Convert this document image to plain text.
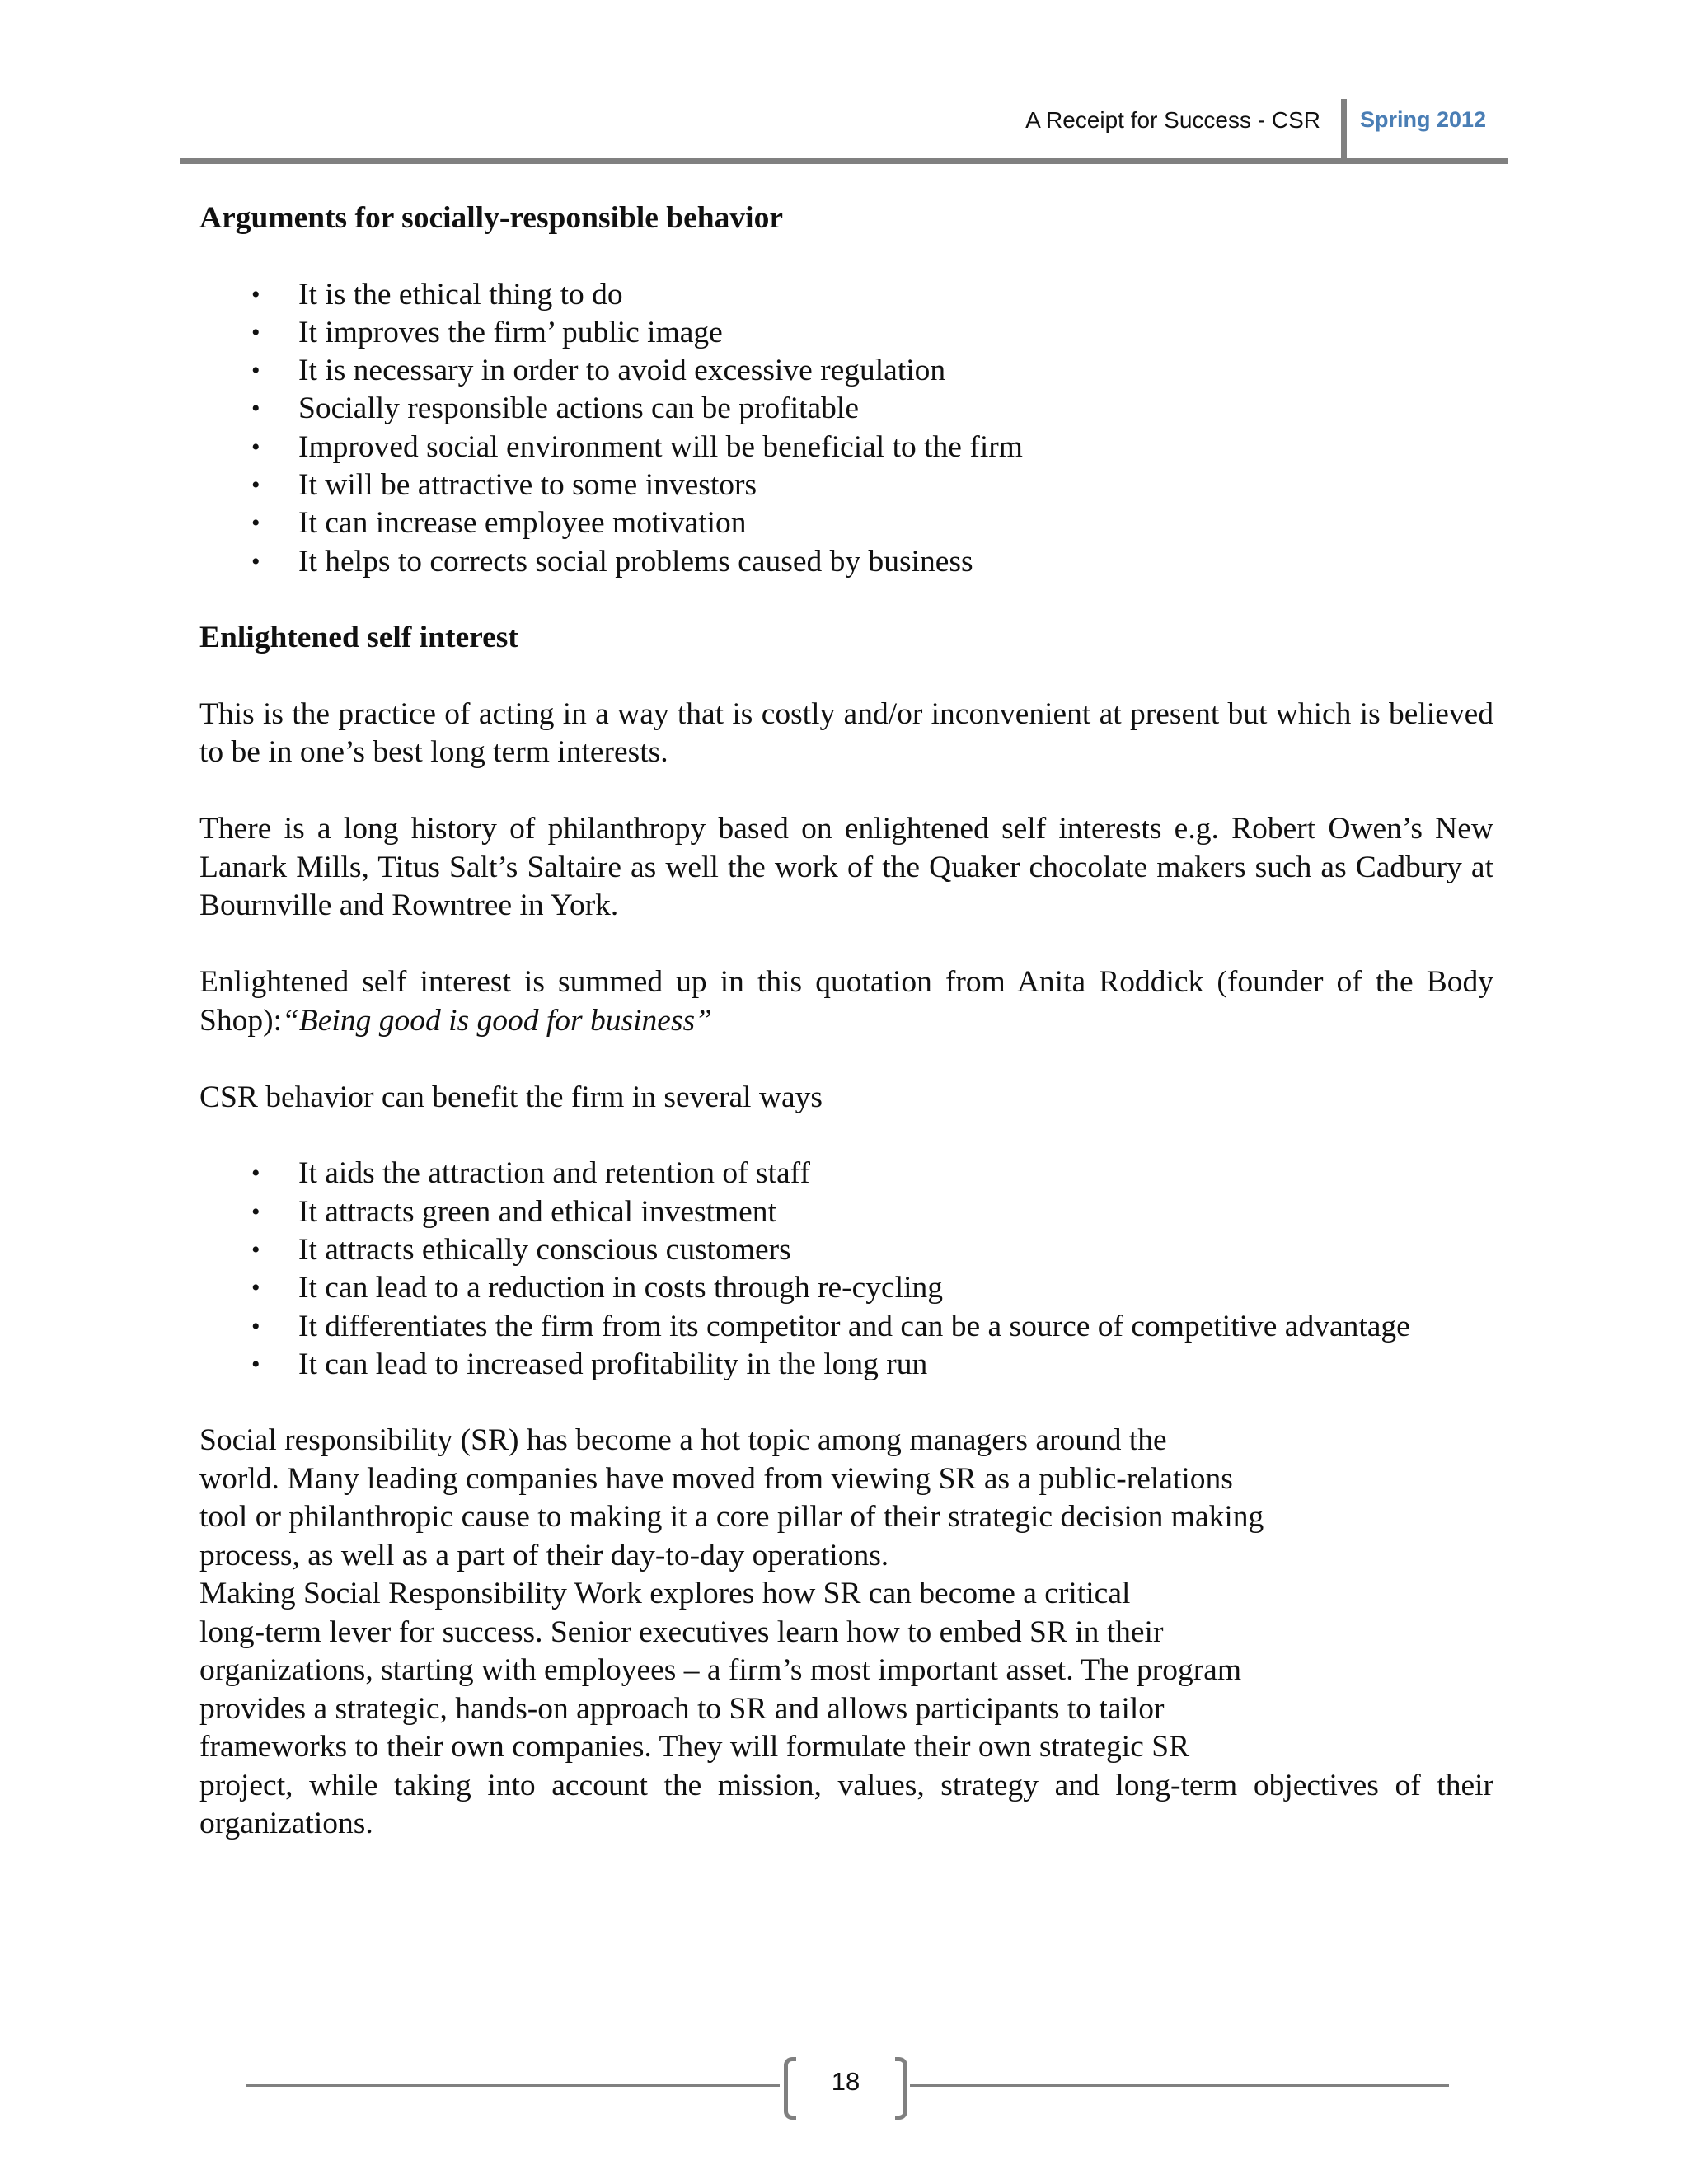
A Receipt for Success - CSR Spring 2012
Arguments for socially-responsible behavior
• It is the ethical thing to do
• It improves the firm’ public image
• It is necessary in order to avoid excessive regulation
• Socially responsible actions can be profitable
• Improved social environment will be beneficial to the firm
• It will be attractive to some investors
• It can increase employee motivation
• It helps to corrects social problems caused by business
Enlightened self interest

This is the practice of acting in a way that is costly and/or inconvenient at present but which is believed to be in one’s best long term interests.

There is a long history of philanthropy based on enlightened self interests e.g. Robert Owen’s New Lanark Mills, Titus Salt’s Saltaire as well the work of the Quaker chocolate makers such as Cadbury at Bournville and Rowntree in York.

Enlightened self interest is summed up in this quotation from Anita Roddick (founder of the Body Shop):“Being good is good for business”

CSR behavior can benefit the firm in several ways

• It aids the attraction and retention of staff
• It attracts green and ethical investment
• It attracts ethically conscious customers
• It can lead to a reduction in costs through re-cycling
• It differentiates the firm from its competitor and can be a source of competitive advantage
• It can lead to increased profitability in the long run
Social responsibility (SR) has become a hot topic among managers around the
world. Many leading companies have moved from viewing SR as a public-relations
tool or philanthropic cause to making it a core pillar of their strategic decision making
process, as well as a part of their day-to-day operations.
Making Social Responsibility Work explores how SR can become a critical
long-term lever for success. Senior executives learn how to embed SR in their
organizations, starting with employees – a firm’s most important asset. The program
provides a strategic, hands-on approach to SR and allows participants to tailor
frameworks to their own companies. They will formulate their own strategic SR
project, while taking into account the mission, values, strategy and long-term objectives of their
organizations.
18
